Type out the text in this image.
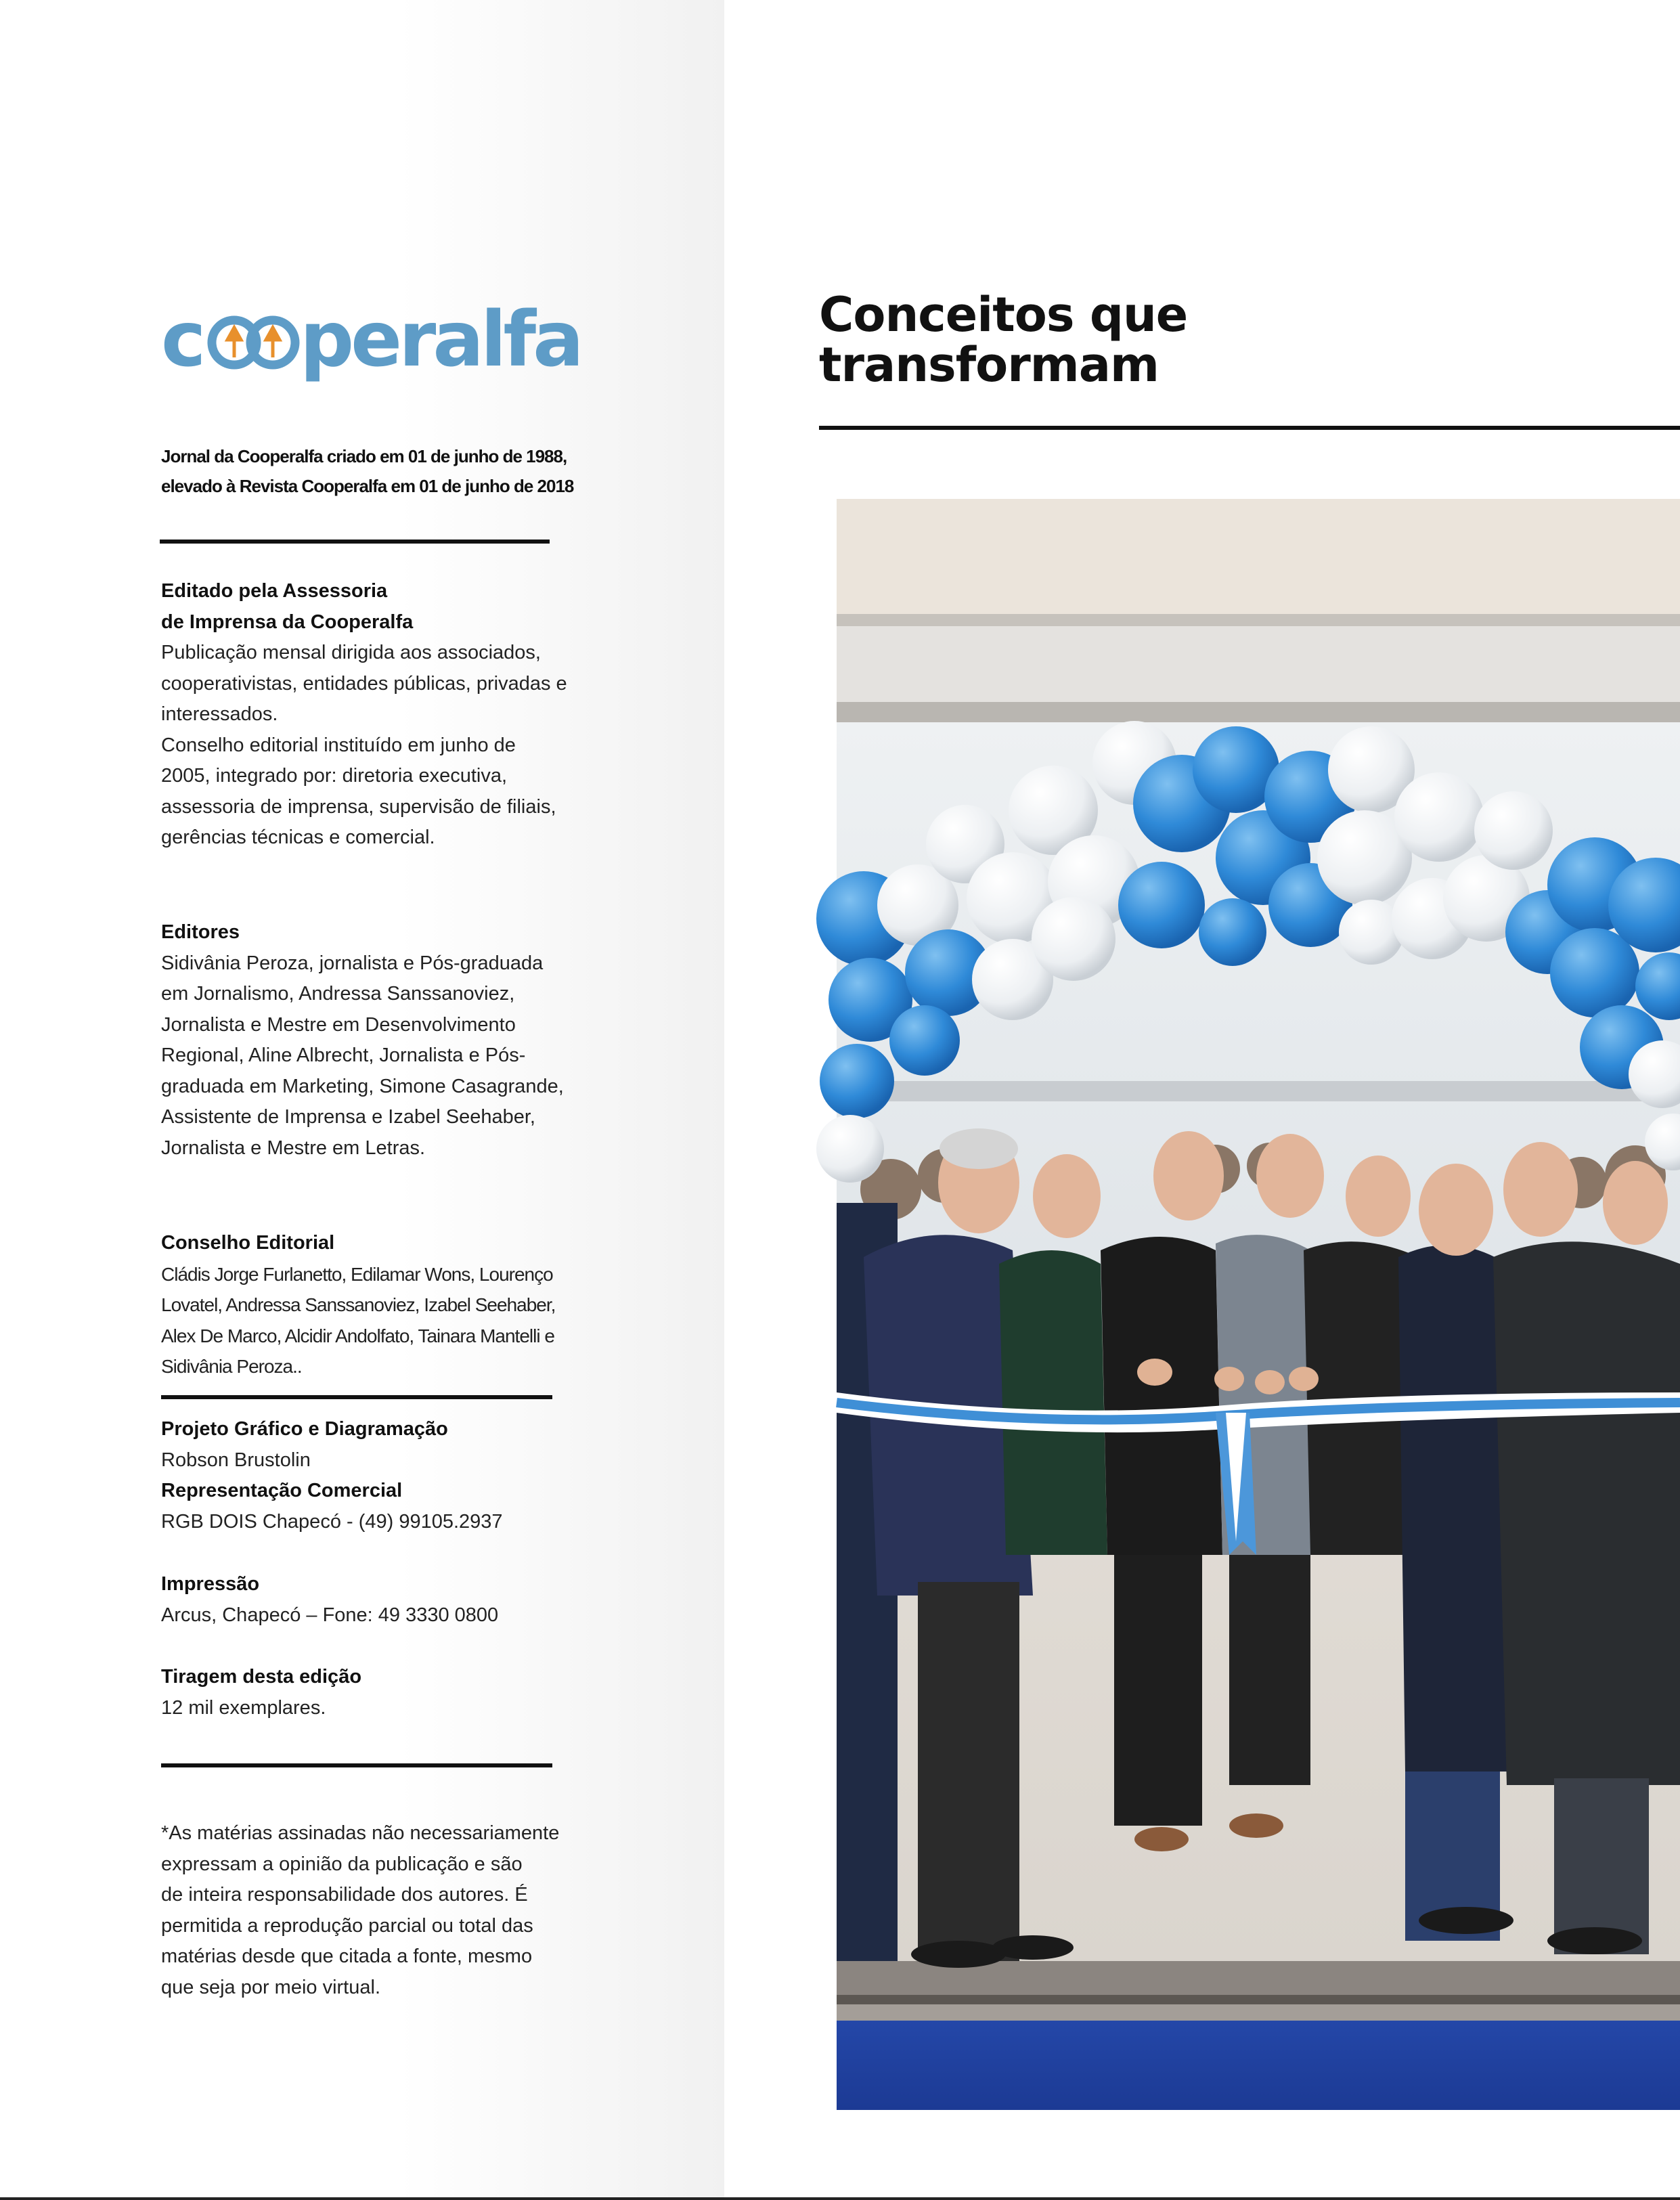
c peralfa
Jornal da Cooperalfa criado em 01 de junho de 1988,
elevado à Revista Cooperalfa em 01 de junho de 2018
Editado pela Assessoria
de Imprensa da Cooperalfa
Publicação mensal dirigida aos associados,
cooperativistas, entidades públicas, privadas e
interessados.
Conselho editorial instituído em junho de
2005, integrado por: diretoria executiva,
assessoria de imprensa, supervisão de filiais,
gerências técnicas e comercial.
Editores
Sidivânia Peroza, jornalista e Pós-graduada
em Jornalismo, Andressa Sanssanoviez,
Jornalista e Mestre em Desenvolvimento
Regional, Aline Albrecht, Jornalista e Pós-
graduada em Marketing, Simone Casagrande,
Assistente de Imprensa e Izabel Seehaber,
Jornalista e Mestre em Letras.
Conselho Editorial
Cládis Jorge Furlanetto, Edilamar Wons, Lourenço
Lovatel, Andressa Sanssanoviez, Izabel Seehaber,
Alex De Marco, Alcidir Andolfato, Tainara Mantelli e
Sidivânia Peroza..
Projeto Gráfico e Diagramação
Robson Brustolin
Representação Comercial
RGB DOIS Chapecó - (49) 99105.2937
Impressão
Arcus, Chapecó – Fone: 49 3330 0800
Tiragem desta edição
12 mil exemplares.
*As matérias assinadas não necessariamente
expressam a opinião da publicação e são
de inteira responsabilidade dos autores. É
permitida a reprodução parcial ou total das
matérias desde que citada a fonte, mesmo
que seja por meio virtual.
Conceitos que
transformam
